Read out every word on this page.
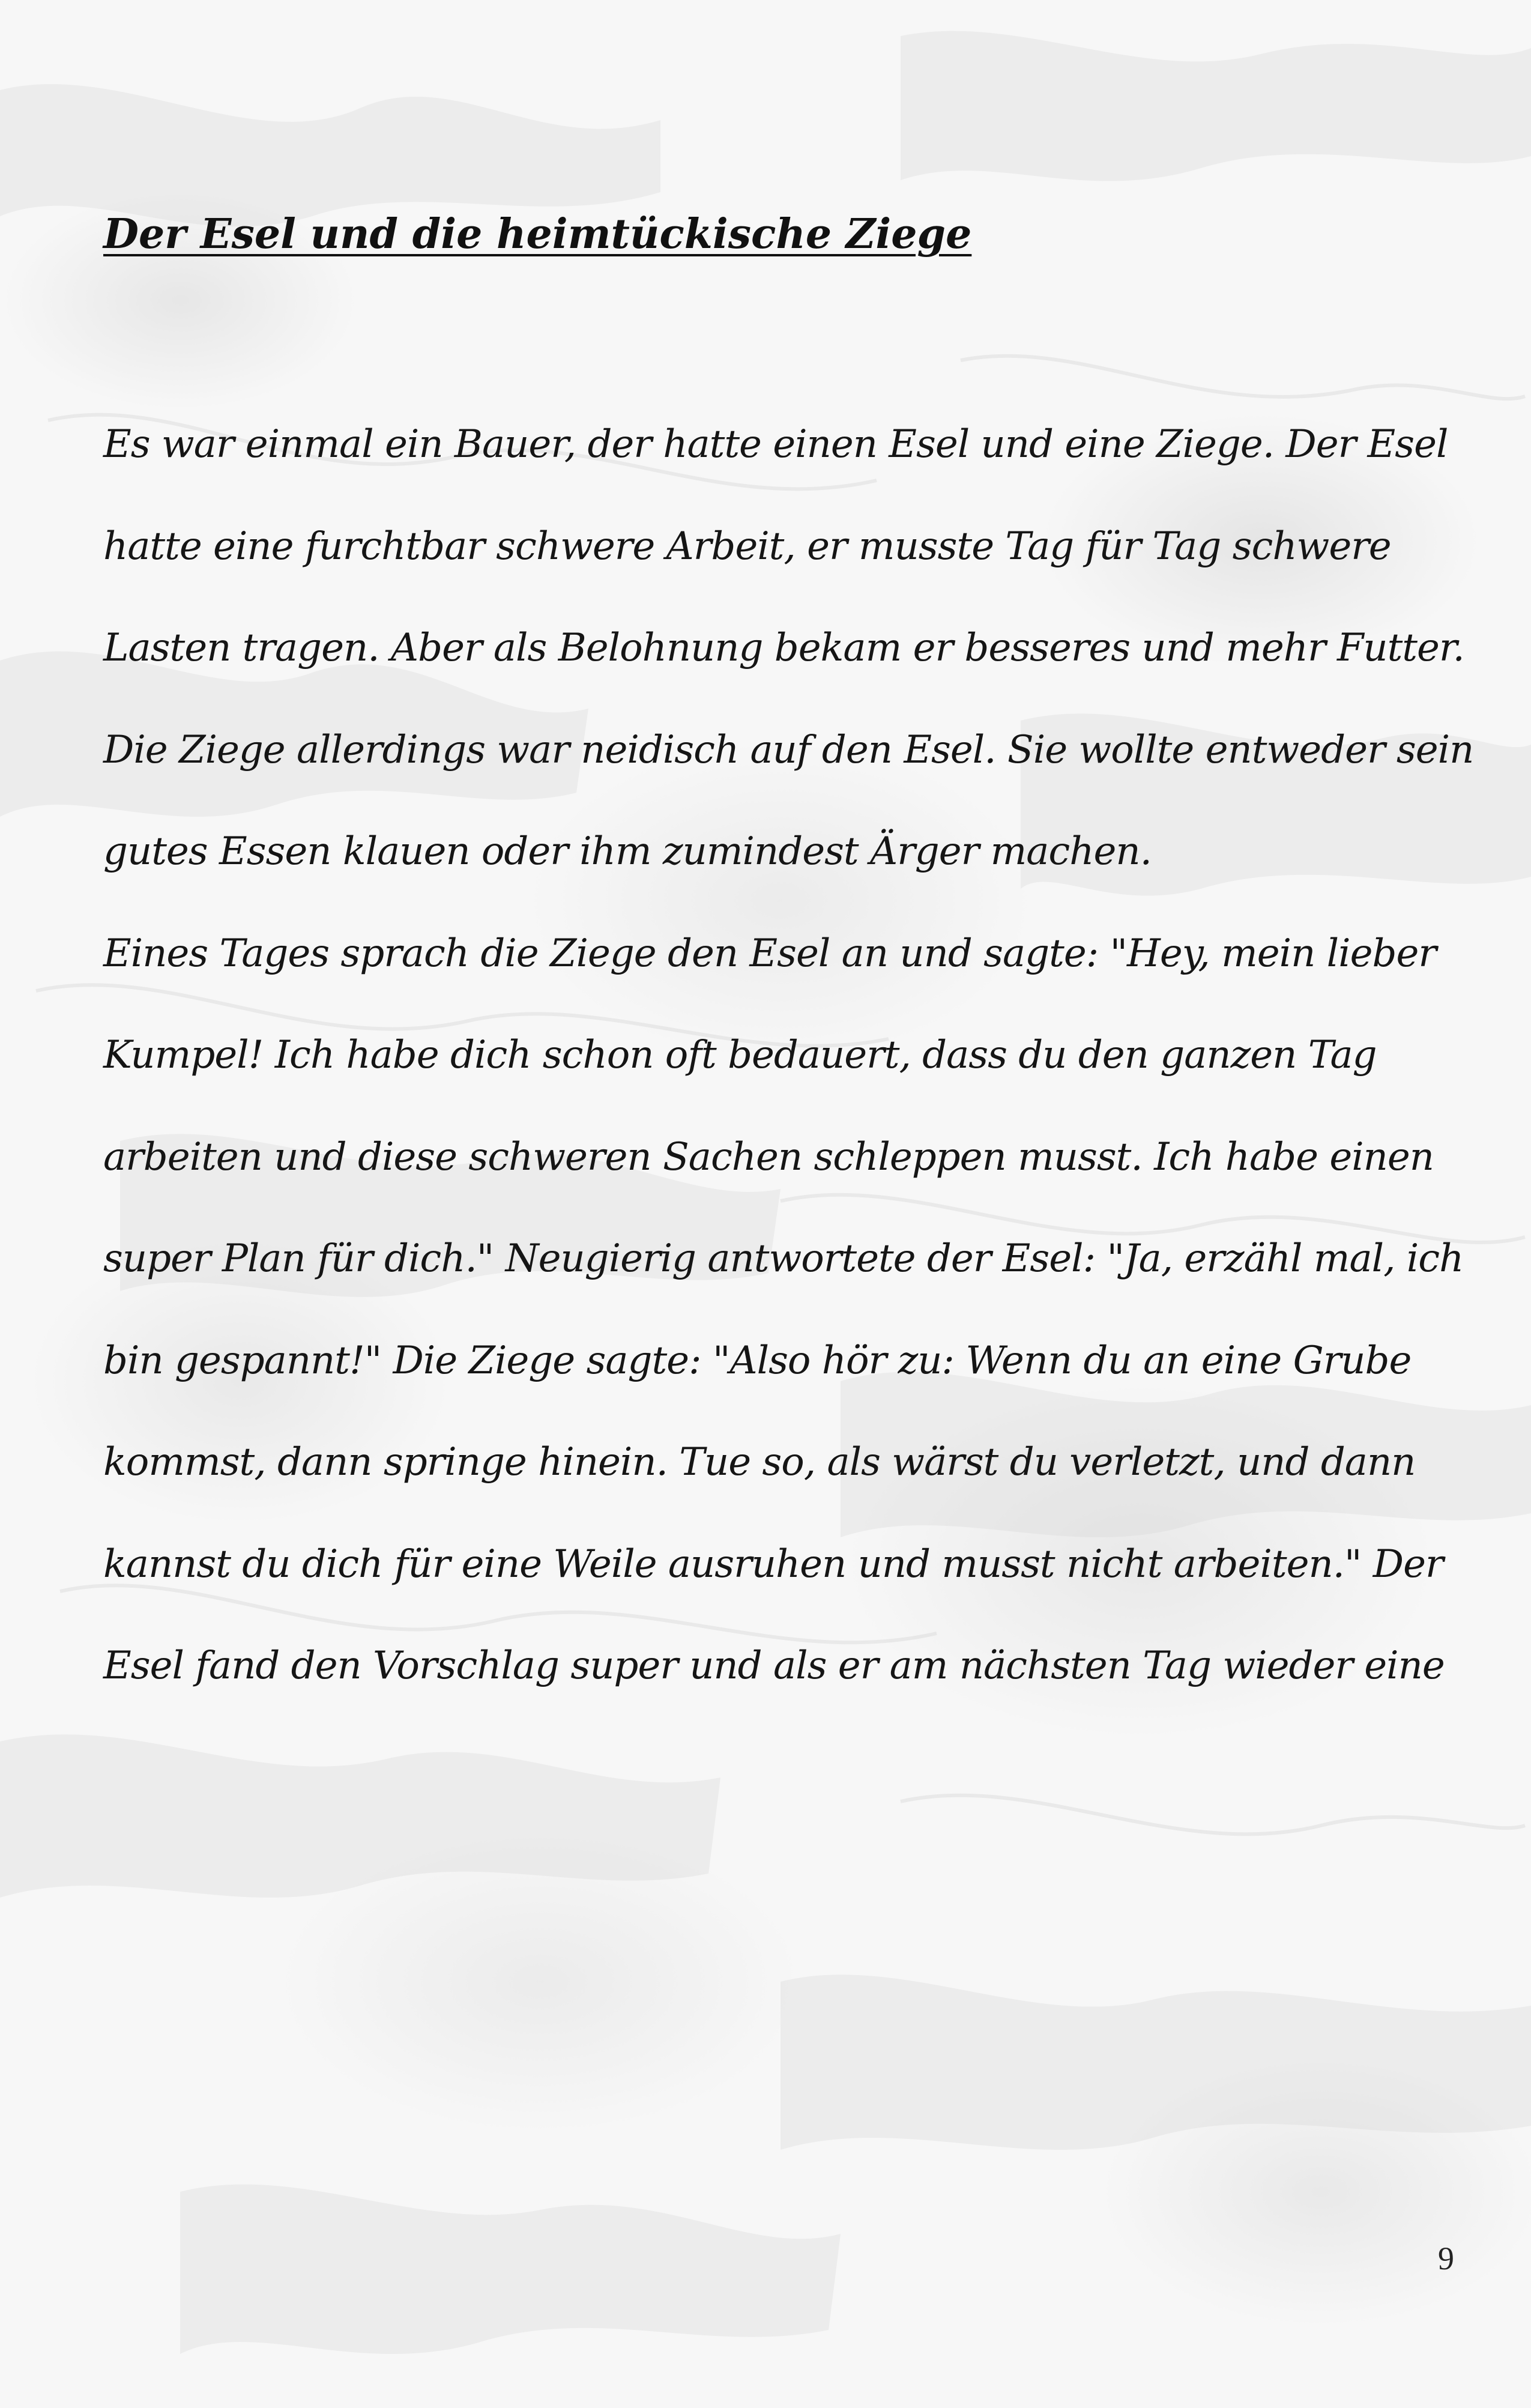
Der Esel und die heimtückische Ziege
Es war einmal ein Bauer, der hatte einen Esel und eine Ziege. Der Esel
hatte eine furchtbar schwere Arbeit, er musste Tag für Tag schwere
Lasten tragen. Aber als Belohnung bekam er besseres und mehr Futter.
Die Ziege allerdings war neidisch auf den Esel. Sie wollte entweder sein
gutes Essen klauen oder ihm zumindest Ärger machen.
Eines Tages sprach die Ziege den Esel an und sagte: "Hey, mein lieber
Kumpel! Ich habe dich schon oft bedauert, dass du den ganzen Tag
arbeiten und diese schweren Sachen schleppen musst. Ich habe einen
super Plan für dich." Neugierig antwortete der Esel: "Ja, erzähl mal, ich
bin gespannt!" Die Ziege sagte: "Also hör zu: Wenn du an eine Grube
kommst, dann springe hinein. Tue so, als wärst du verletzt, und dann
kannst du dich für eine Weile ausruhen und musst nicht arbeiten." Der
Esel fand den Vorschlag super und als er am nächsten Tag wieder eine
9
